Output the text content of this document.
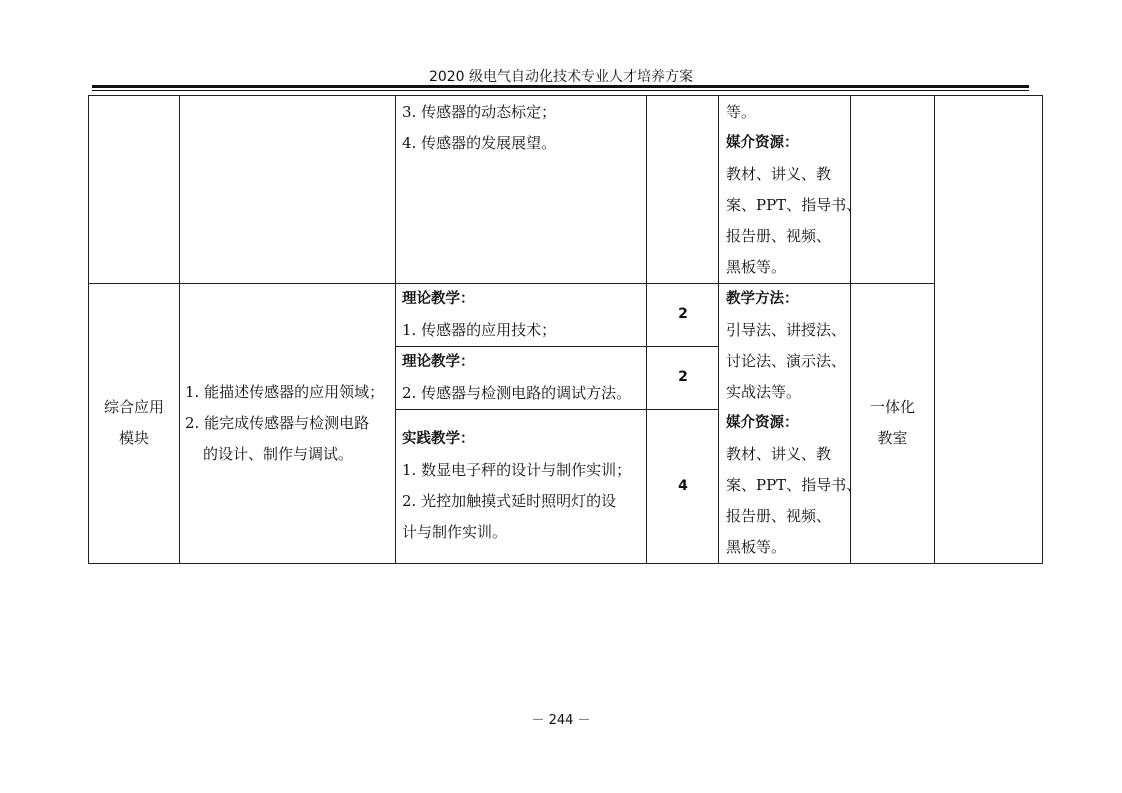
2020 级电气自动化技术专业人才培养方案
3. 传感器的动态标定；
4. 传感器的发展展望。
等。
媒介资源：
教材、讲义、教
案、PPT、指导书、
报告册、视频、
黑板等。
综合应用
模块
1. 能描述传感器的应用领域；
2. 能完成传感器与检测电路
的设计、制作与调试。
理论教学：
1. 传感器的应用技术；
2
理论教学：
2. 传感器与检测电路的调试方法。
2
实践教学：
1. 数显电子秤的设计与制作实训；
2. 光控加触摸式延时照明灯的设
计与制作实训。
4
教学方法：
引导法、讲授法、
讨论法、演示法、
实战法等。
媒介资源：
教材、讲义、教
案、PPT、指导书、
报告册、视频、
黑板等。
一体化
教室
－ 244 －
